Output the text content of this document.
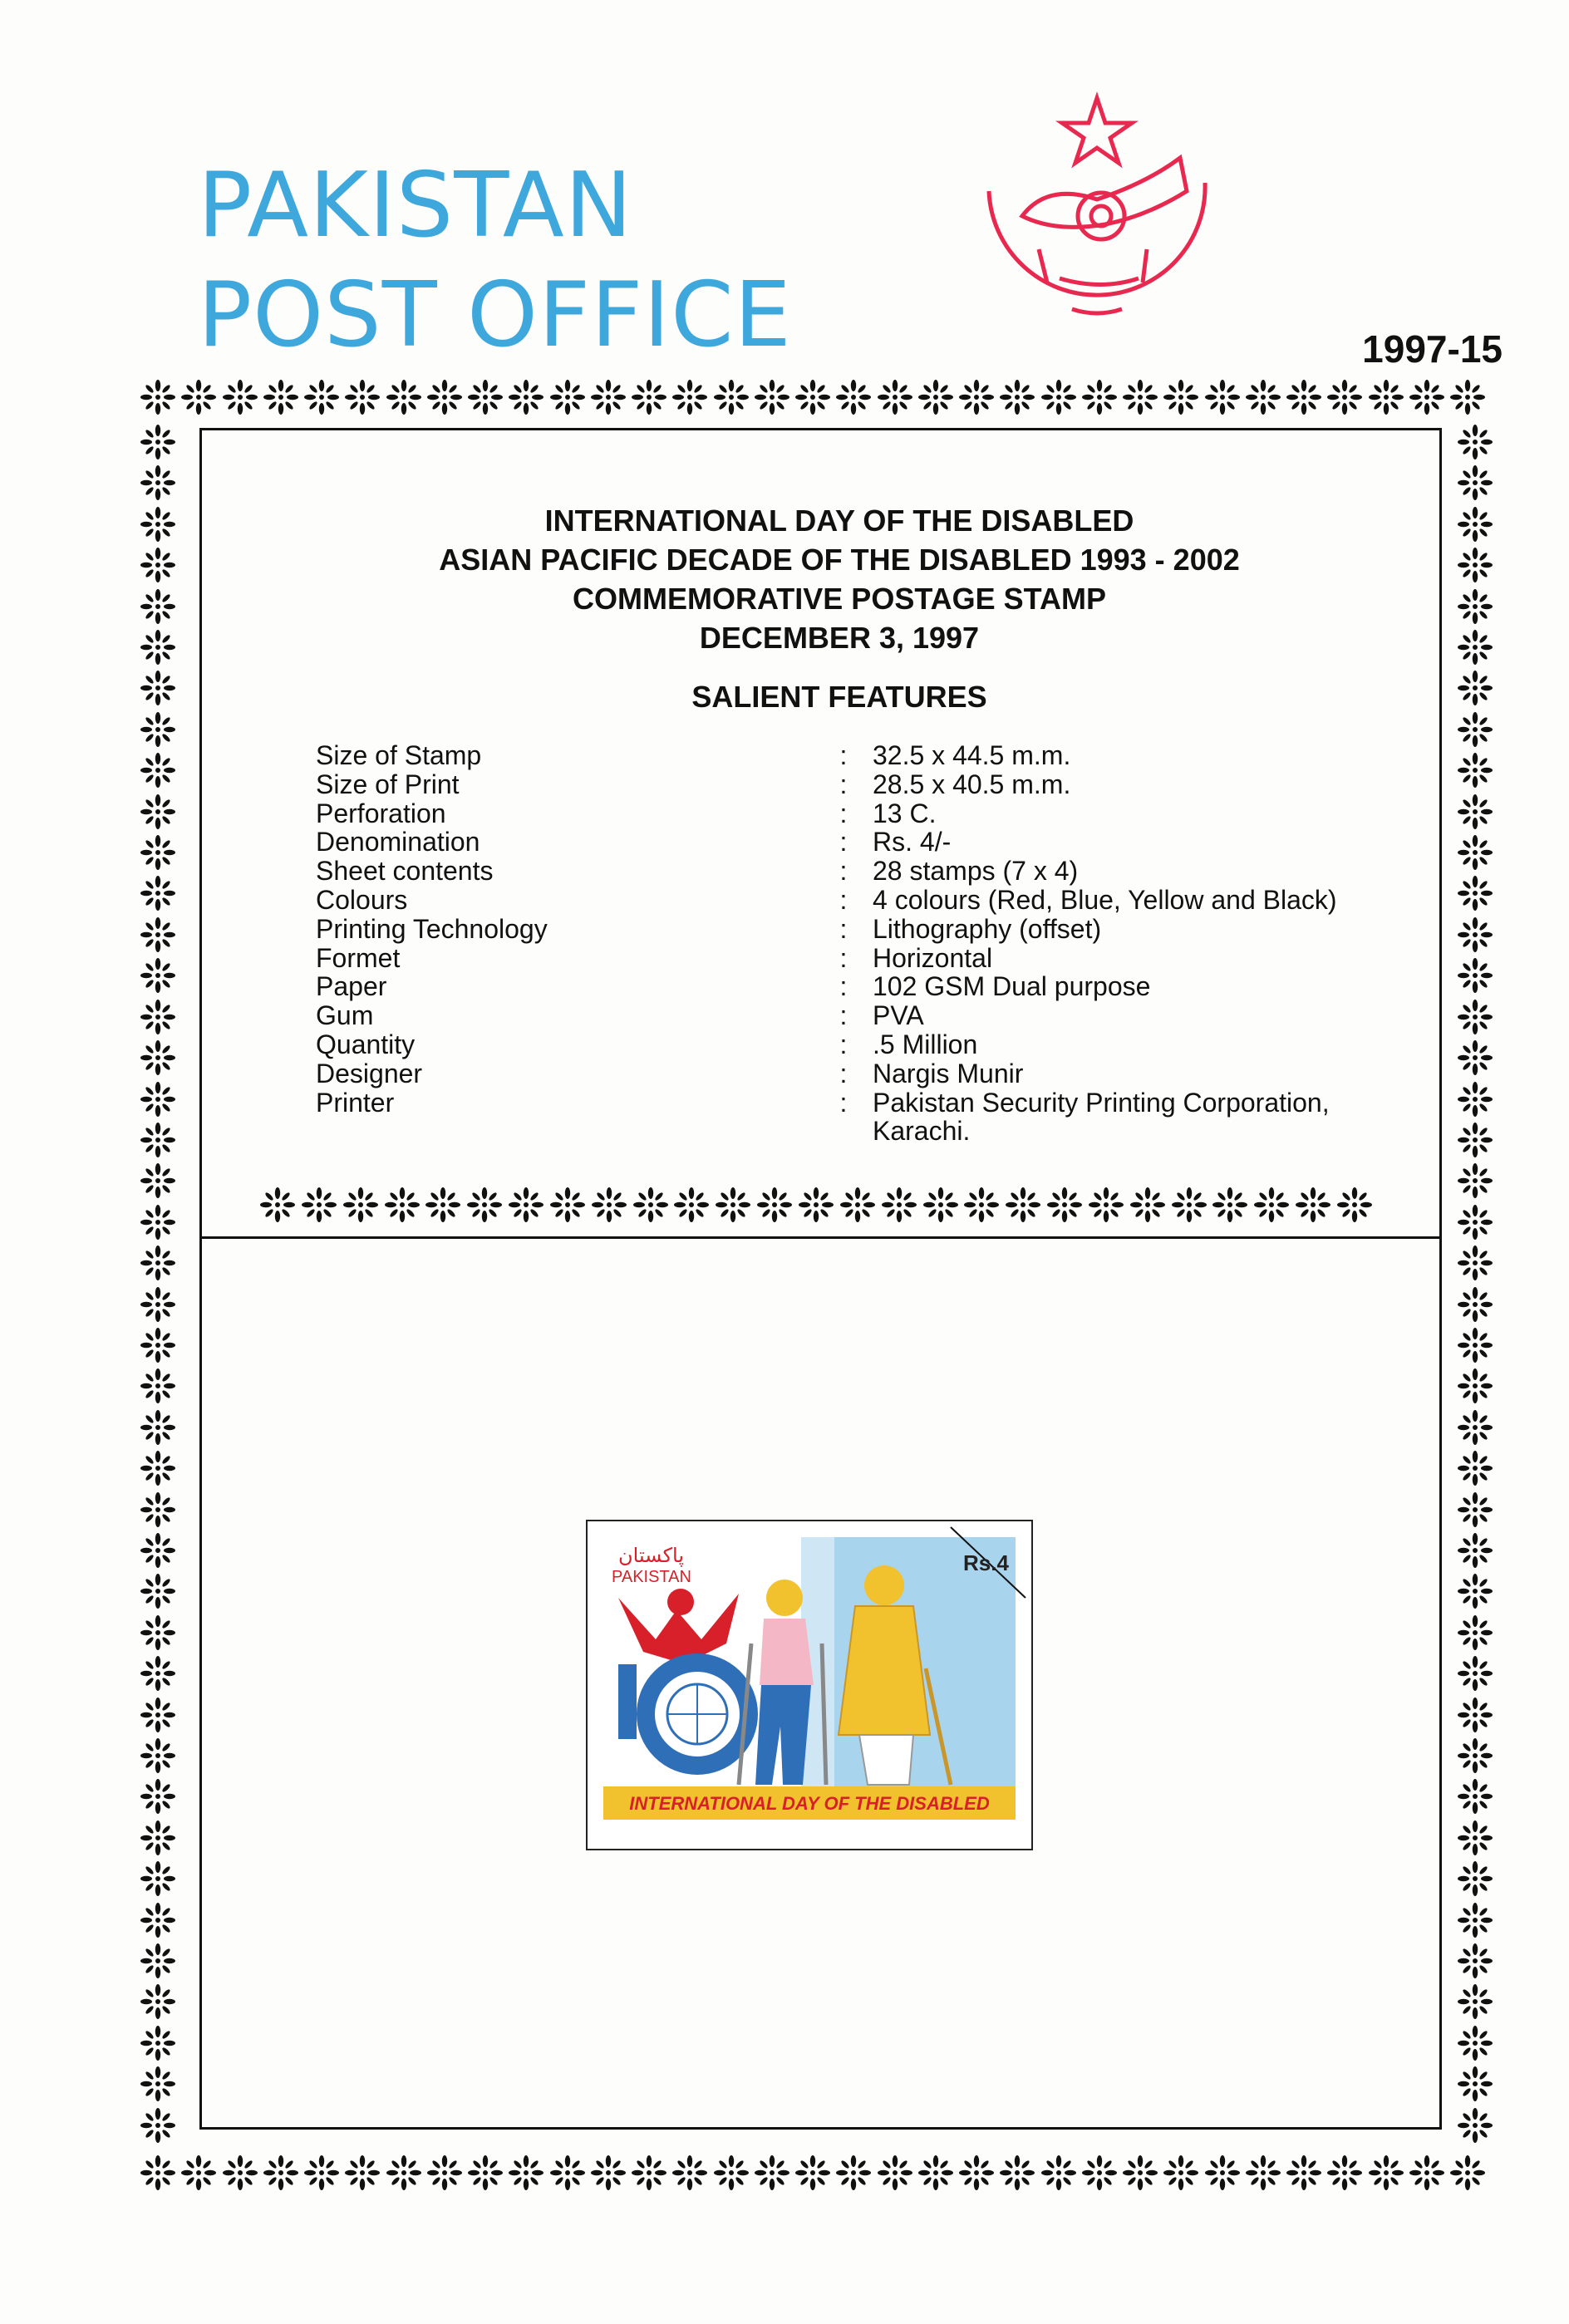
PAKISTAN
POST OFFICE	1997-15
INTERNATIONAL DAY OF THE DISABLED
ASIAN PACIFIC DECADE OF THE DISABLED 1993 - 2002
COMMEMORATIVE POSTAGE STAMP
DECEMBER 3, 1997
SALIENT FEATURES
Size of Stamp	: 32.5 x 44.5 m.m.
Size of Print	: 28.5 x 40.5 m.m.
Perforation	: 13 C.
Denomination	: Rs. 4/-
Sheet contents	: 28 stamps (7 x 4)
Colours	: 4 colours (Red, Blue, Yellow and Black)
Printing Technology	: Lithography (offset)
Formet	: Horizontal
Paper	: 102 GSM Dual purpose
Gum	: PVA
Quantity	: .5 Million
Designer	: Nargis Munir
Printer	: Pakistan Security Printing Corporation,
Karachi.
پاکستان
PAKISTAN
Rs.4
INTERNATIONAL DAY OF THE DISABLED
